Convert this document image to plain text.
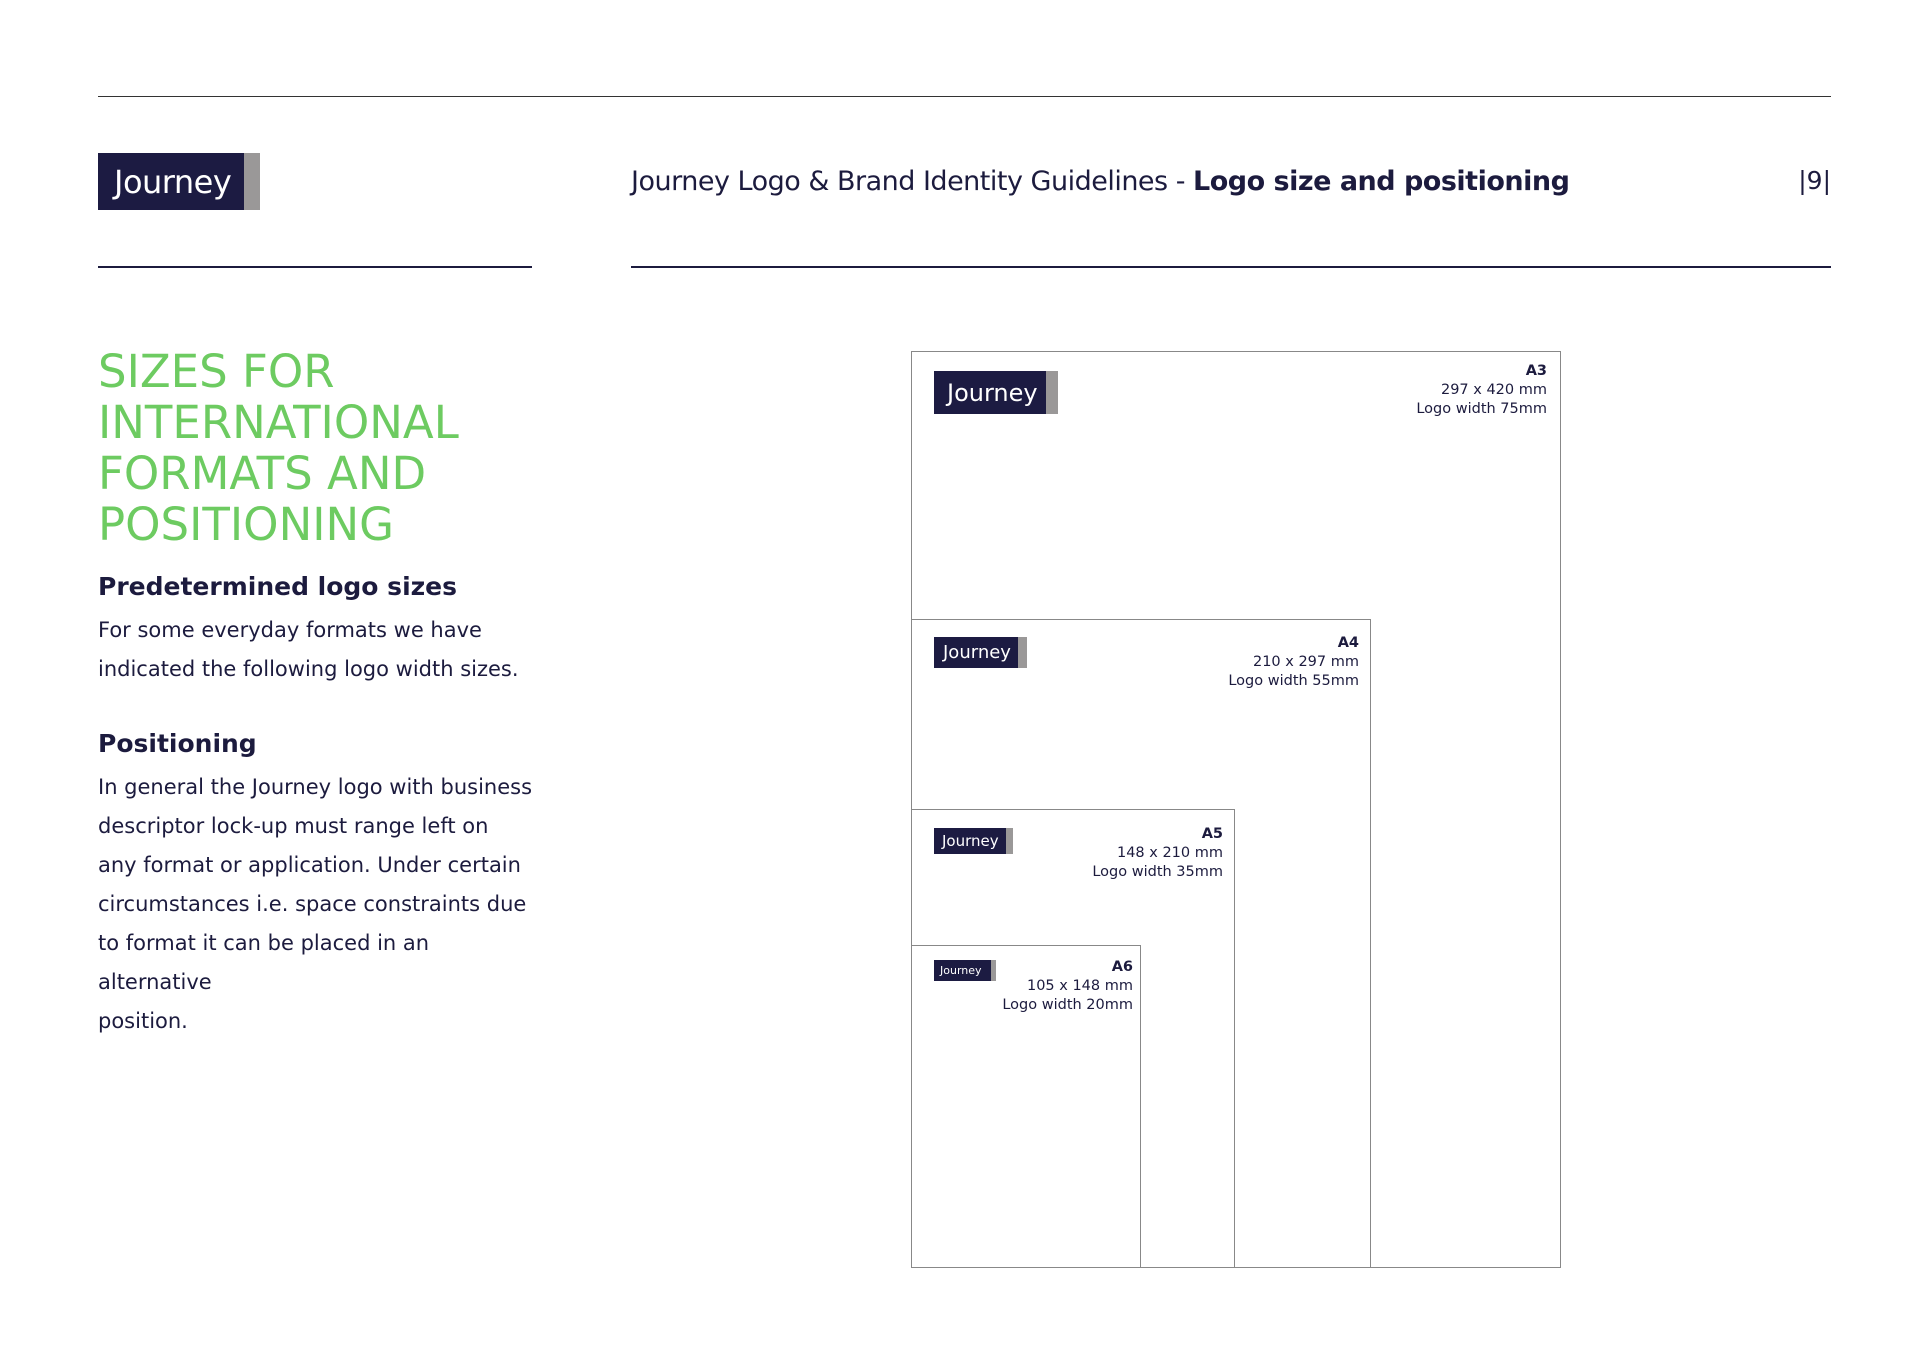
Journey	Journey Logo & Brand Identity Guidelines - Logo size and positioning	|9|
SIZES FOR
INTERNATIONAL
FORMATS AND
POSITIONING
Predetermined logo sizes
For some everyday formats we have
indicated the following logo width sizes.
Positioning
In general the Journey logo with business
descriptor lock-up must range left on
any format or application. Under certain
circumstances i.e. space constraints due
to format it can be placed in an alternative
position.
Journey
A3
297 x 420 mm
Logo width 75mm
Journey	A4
210 x 297 mm
Logo width 55mm
Journey	A5
148 x 210 mm
Logo width 35mm
Journey	A6
105 x 148 mm
Logo width 20mm
